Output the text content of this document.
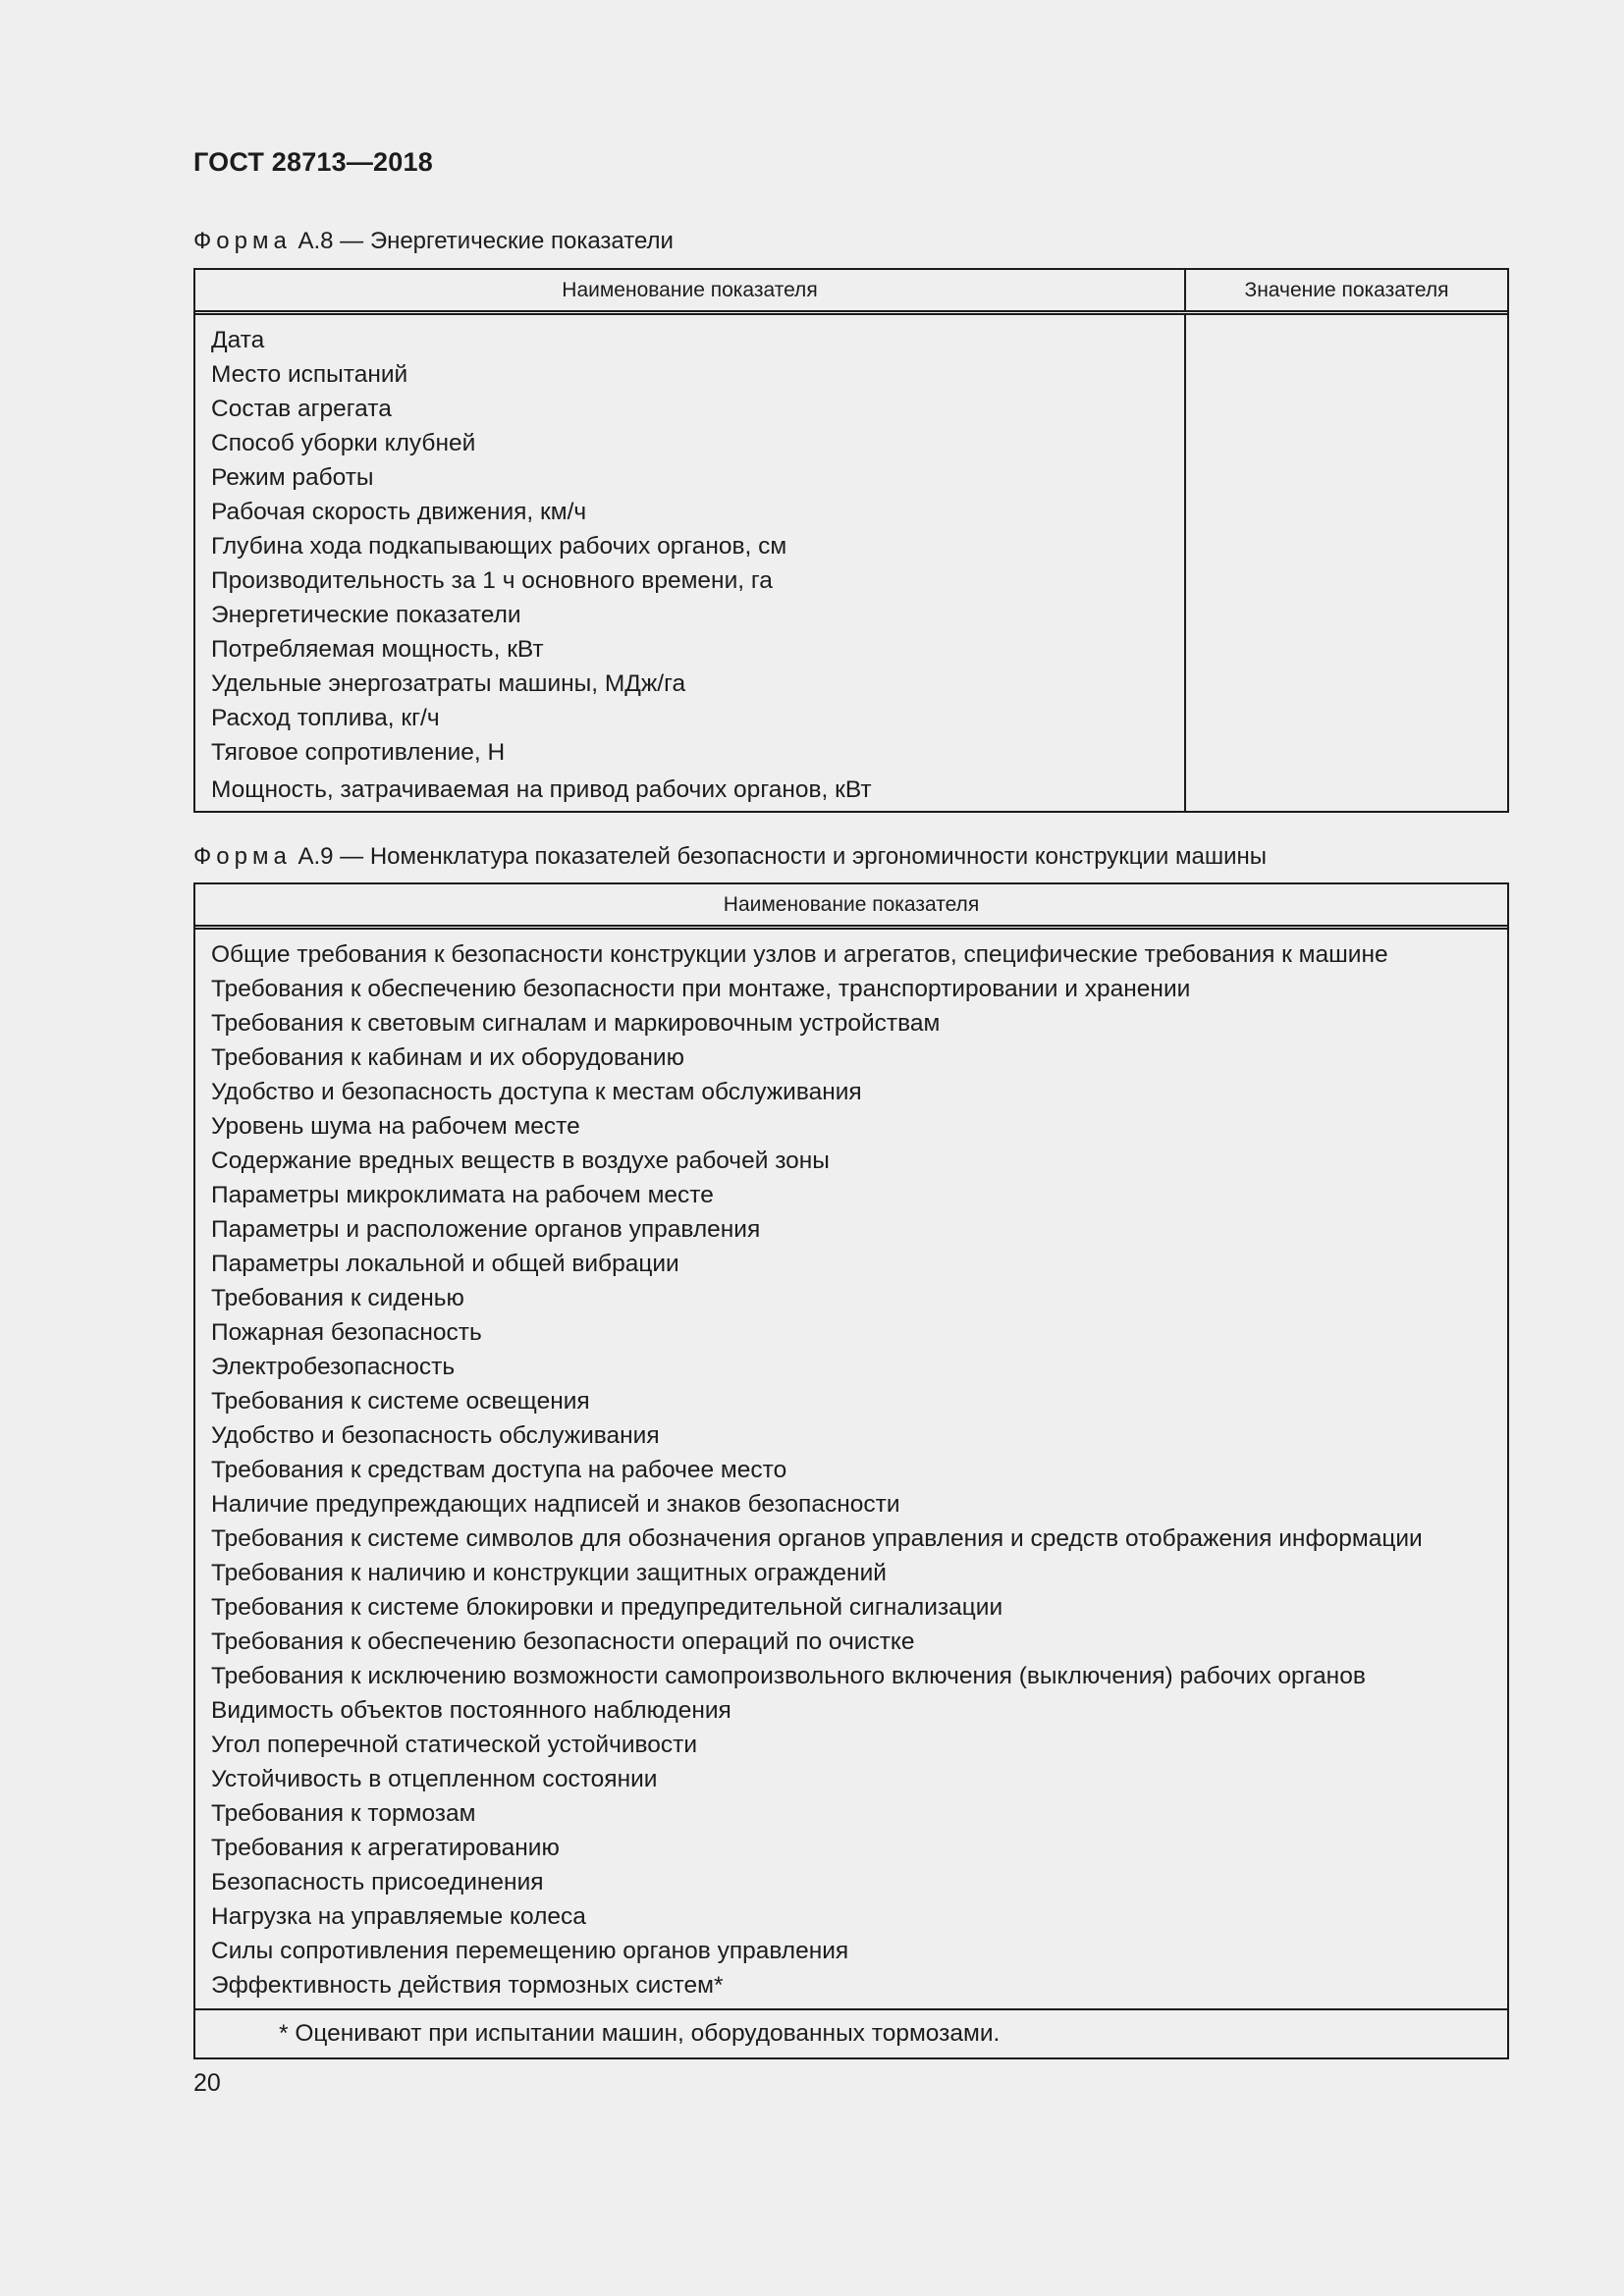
ГОСТ 28713—2018
Форма А.8 — Энергетические показатели
Наименование показателя	Значение показателя
Дата
Место испытаний
Состав агрегата
Способ уборки клубней
Режим работы
Рабочая скорость движения, км/ч
Глубина хода подкапывающих рабочих органов, см
Производительность за 1 ч основного времени, га
Энергетические показатели
Потребляемая мощность, кВт
Удельные энергозатраты машины, МДж/га
Расход топлива, кг/ч
Тяговое сопротивление, Н
Мощность, затрачиваемая на привод рабочих органов, кВт
Форма А.9 — Номенклатура показателей безопасности и эргономичности конструкции машины
Наименование показателя
Общие требования к безопасности конструкции узлов и агрегатов, специфические требования к машине
Требования к обеспечению безопасности при монтаже, транспортировании и хранении
Требования к световым сигналам и маркировочным устройствам
Требования к кабинам и их оборудованию
Удобство и безопасность доступа к местам обслуживания
Уровень шума на рабочем месте
Содержание вредных веществ в воздухе рабочей зоны
Параметры микроклимата на рабочем месте
Параметры и расположение органов управления
Параметры локальной и общей вибрации
Требования к сиденью
Пожарная безопасность
Электробезопасность
Требования к системе освещения
Удобство и безопасность обслуживания
Требования к средствам доступа на рабочее место
Наличие предупреждающих надписей и знаков безопасности
Требования к системе символов для обозначения органов управления и средств отображения информации
Требования к наличию и конструкции защитных ограждений
Требования к системе блокировки и предупредительной сигнализации
Требования к обеспечению безопасности операций по очистке
Требования к исключению возможности самопроизвольного включения (выключения) рабочих органов
Видимость объектов постоянного наблюдения
Угол поперечной статической устойчивости
Устойчивость в отцепленном состоянии
Требования к тормозам
Требования к агрегатированию
Безопасность присоединения
Нагрузка на управляемые колеса
Силы сопротивления перемещению органов управления
Эффективность действия тормозных систем*
* Оценивают при испытании машин, оборудованных тормозами.
20
